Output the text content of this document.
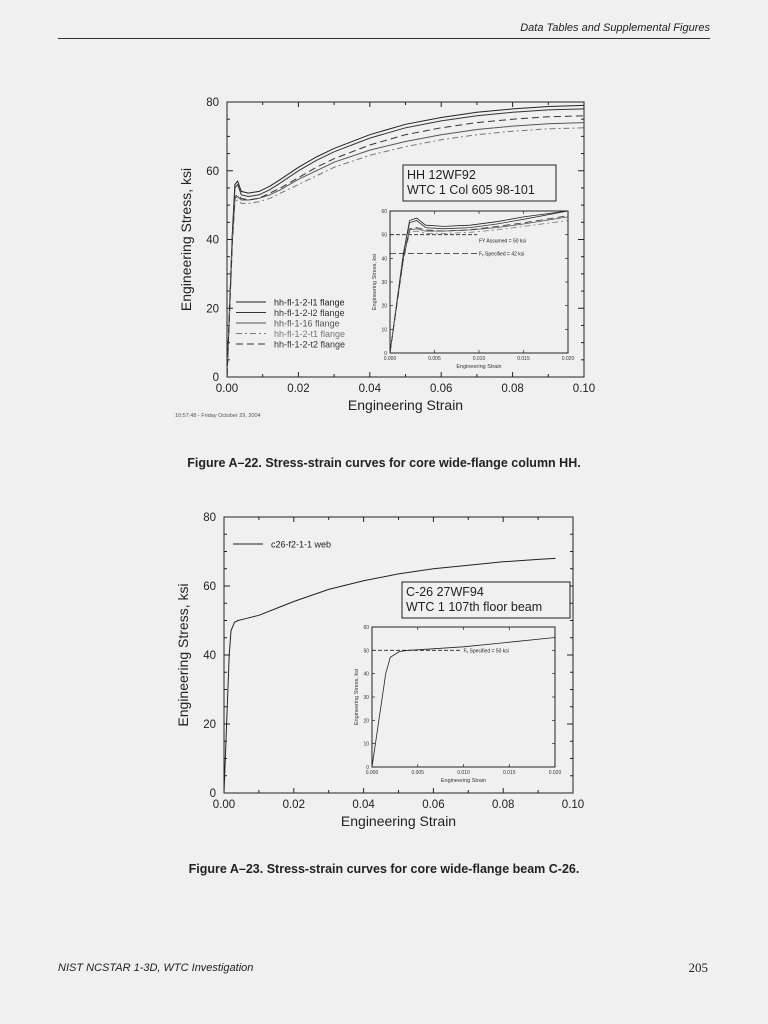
Data Tables and Supplemental Figures
0.00	0.02	0.04	0.06	0.08	0.10
0
20
40
60
80
Engineering Strain
Engineering Stress, ksi	hh-fl-1-2-l1 flange
hh-fl-1-2-l2 flange
hh-fl-1-16 flange
hh-fl-1-2-t1 flange
hh-fl-1-2-t2 flange
HH 12WF92
WTC 1 Col 605 98-101
0.000	0.005	0.010	0.015	0.020
0
10
20
30
40
50
60
Engineering Strain
Engineering Stress, ksi
FY Assumed = 50 ksi
Fᵧ Specified = 42 ksi
10:57:48 - Friday October 29, 2004
Figure A–22. Stress-strain curves for core wide-flange column HH.
0.00	0.02	0.04	0.06	0.08	0.10
0
20
40
60
80
Engineering Strain
Engineering Stress, ksi
c26-f2-1-1 web
C-26 27WF94
WTC 1 107th floor beam
0.000	0.005	0.010	0.015	0.020
0
10
20
30
40
50
60
Engineering Strain
Engineering Stress, ksi
Fᵧ Specified = 50 ksi
Figure A–23. Stress-strain curves for core wide-flange beam C-26.
NIST NCSTAR 1-3D, WTC Investigation	205
